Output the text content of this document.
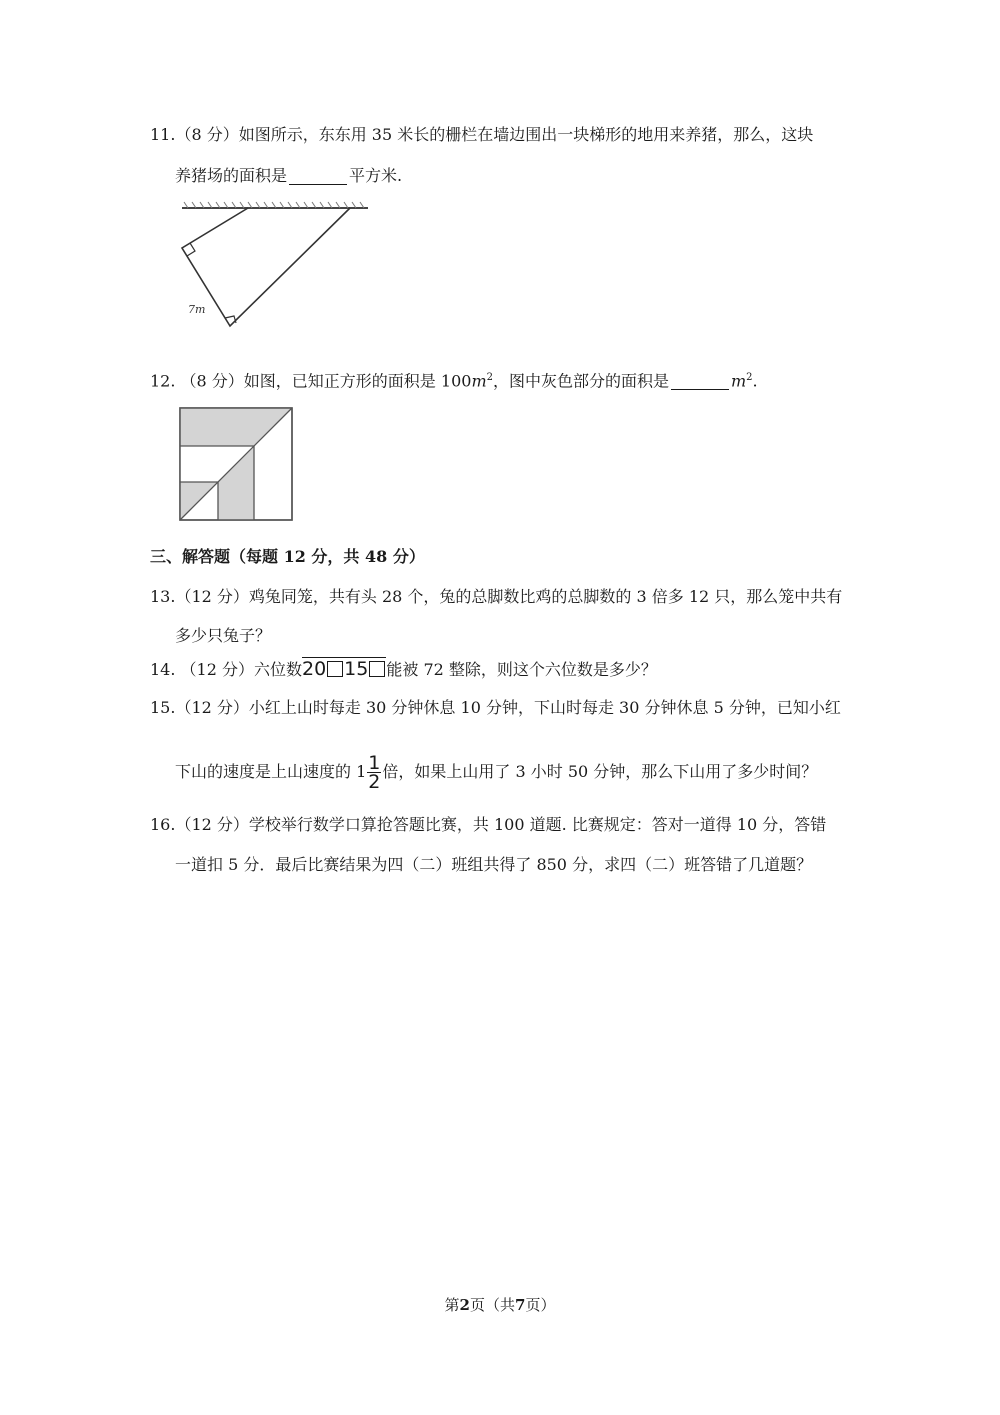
11.（8 分）如图所示，东东用 35 米长的栅栏在墙边围出一块梯形的地用来养猪，那么，这块
养猪场的面积是	平方米.
7m
12. （8 分）如图，已知正方形的面积是 $100m^2$，图中灰色部分的面积是	$m^2$.
三、解答题（每题 12 分，共 48 分）
13.（12 分）鸡兔同笼，共有头 28 个，兔的总脚数比鸡的总脚数的 3 倍多 12 只，那么笼中共有
多少只兔子？
14. （12 分）六位数20 15 能被 72 整除，则这个六位数是多少？
15.（12 分）小红上山时每走 30 分钟休息 10 分钟，下山时每走 30 分钟休息 5 分钟，已知小红
下山的速度是上山速度的 $1 \frac{1}{2}$ 倍，如果上山用了 3 小时 50 分钟，那么下山用了多少时间？
16.（12 分）学校举行数学口算抢答题比赛，共 100 道题. 比赛规定：答对一道得 10 分，答错
一道扣 5 分．最后比赛结果为四（二）班组共得了 850 分，求四（二）班答错了几道题？
第2页（共7页）
